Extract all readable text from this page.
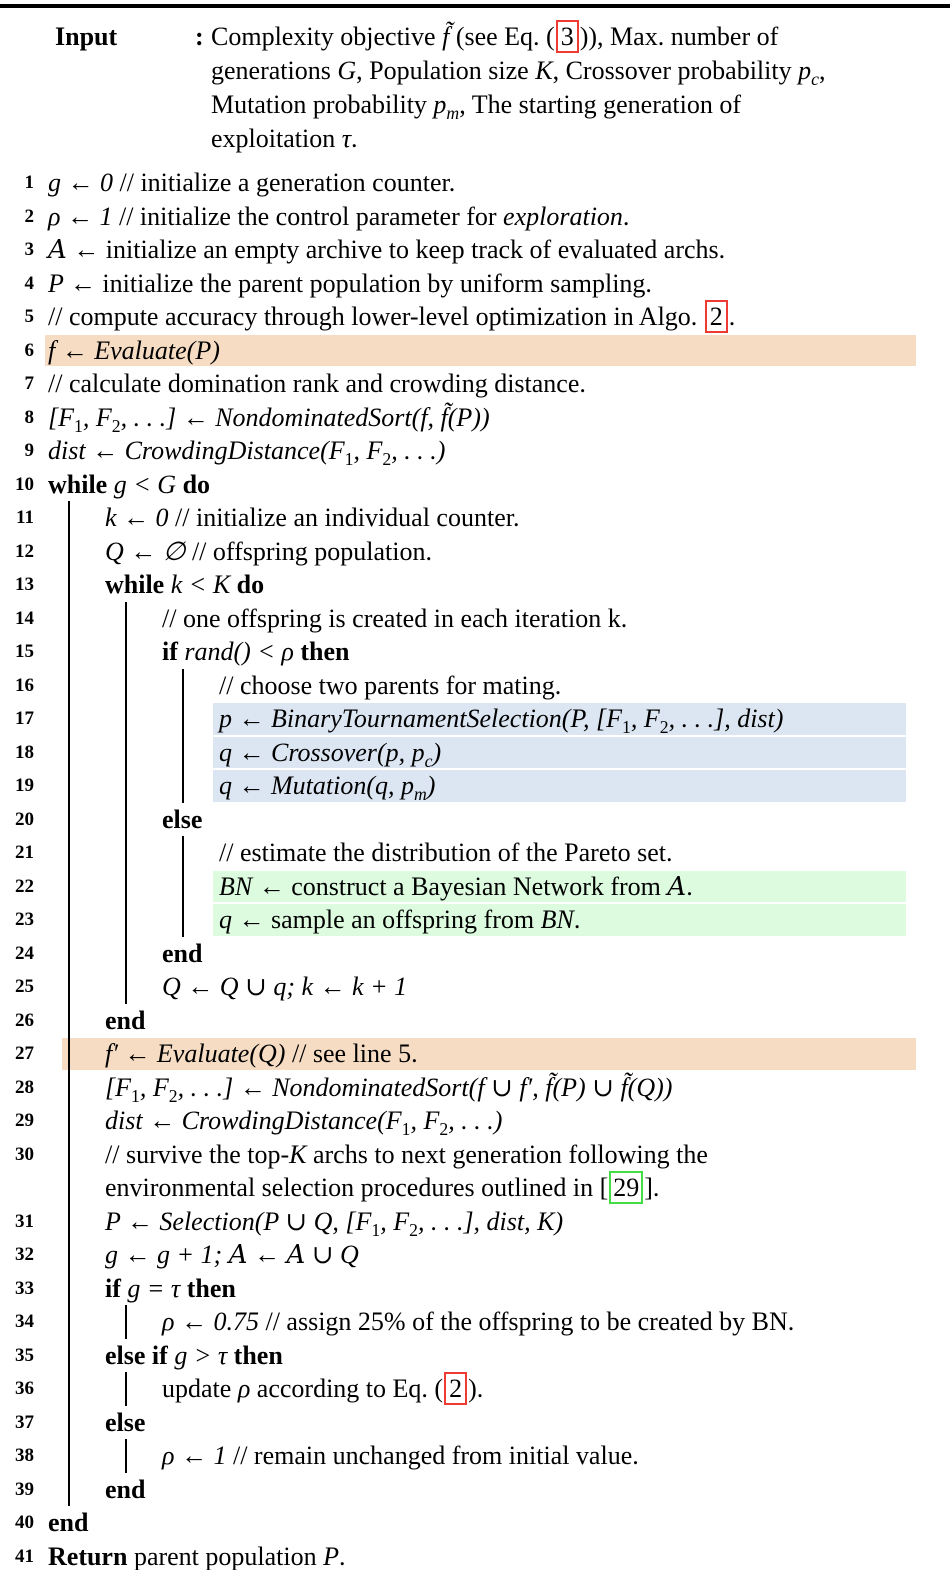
Input	: Complexity objective f̃ (see Eq. ( 3 )), Max. number of
generations G, Population size K, Crossover probability $p_c$,
Mutation probability $p_m$, The starting generation of
exploitation τ.
1 g ← 0 // initialize a generation counter.
2 ρ ← 1 // initialize the control parameter for exploration.
3 A ← initialize an empty archive to keep track of evaluated archs.
4 P ← initialize the parent population by uniform sampling.
5 // compute accuracy through lower-level optimization in Algo. 2 .
6 f ← Evaluate(P)
7 // calculate domination rank and crowding distance.
8 [$F_1$, $F_2$, . . .] ← NondominatedSort(f, f̃(P))
9 dist ← $CrowdingDistance(F_1$, $F_2$, . . .)
10 while g < G do
11	k ← 0 // initialize an individual counter.
12	Q ← ∅ // offspring population.
13	while k < K do
14	// one offspring is created in each iteration k.
15	if rand() < ρ then
16	// choose two parents for mating.
17	p ← BinaryTournamentSelection(P, [$F_1$, $F_2$, . . .], dist)
18	q ← Crossover(p, $p_c$)
19	q ← Mutation(q, $p_m$)
20	else
21	// estimate the distribution of the Pareto set.
22	BN ← construct a Bayesian Network from A.
23	q ← sample an offspring from BN.
24	end
25	Q ← Q ∪ q; k ← k + 1
26	end
27	f′ ← Evaluate(Q) // see line 5.
28	[$F_1$, $F_2$, . . .] ← NondominatedSort(f ∪ f′, f̃(P) ∪ f̃(Q))
29	dist ← $CrowdingDistance(F_1$, $F_2$, . . .)
30	// survive the top-K archs to next generation following the
environmental selection procedures outlined in [ 29 ].
31	P ← Selection(P ∪ Q, [$F_1$, $F_2$, . . .], dist, K)
32	g ← g + 1; A ← A ∪ Q
33	if g = τ then
34	ρ ← 0.75 // assign 25% of the offspring to be created by BN.
35	else if g > τ then
36	update ρ according to Eq. ( 2 ).
37	else
38	ρ ← 1 // remain unchanged from initial value.
39	end
40 end
41 Return parent population P.
